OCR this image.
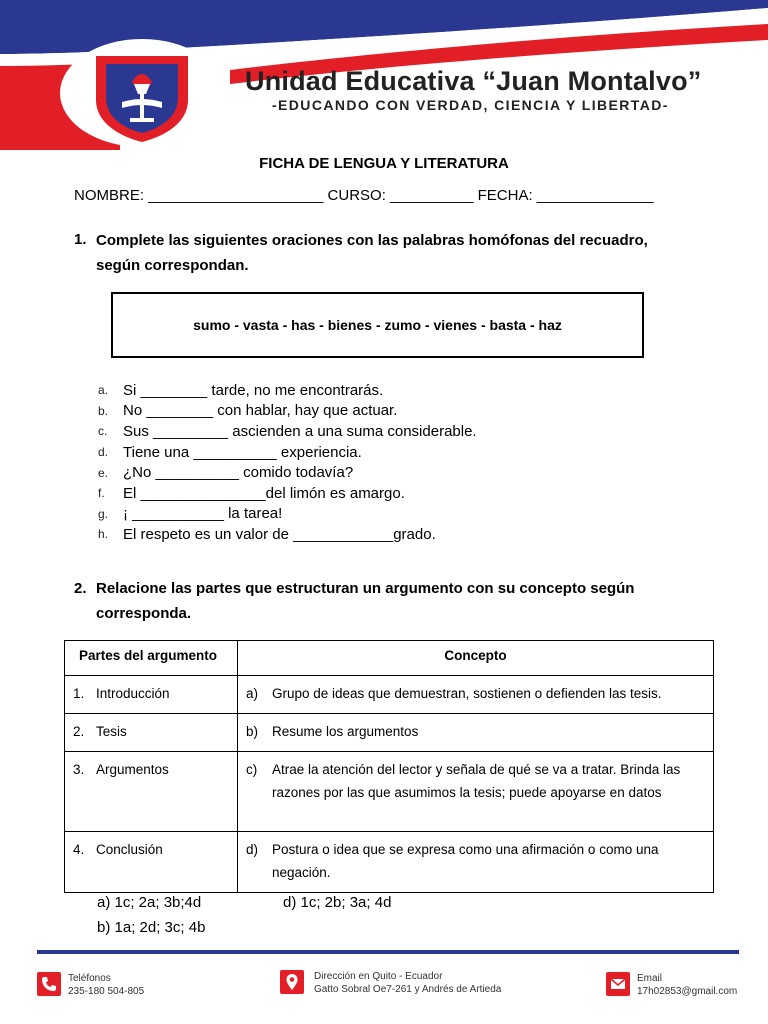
Unidad Educativa “Juan Montalvo”
-EDUCANDO CON VERDAD, CIENCIA Y LIBERTAD-
FICHA DE LENGUA Y LITERATURA
NOMBRE: _____________________ CURSO: __________ FECHA: ______________
1. Complete las siguientes oraciones con las palabras homófonas del recuadro, según correspondan.
sumo - vasta - has - bienes - zumo - vienes - basta - haz
a. Si ________ tarde, no me encontrarás.
b. No ________ con hablar, hay que actuar.
c.	Sus _________ ascienden a una suma considerable.
d. Tiene una __________ experiencia.
e. ¿No __________ comido todavía?
f.	El _______________del limón es amargo.
g. ¡ ___________ la tarea!
h. El respeto es un valor de ____________grado.
2. Relacione las partes que estructuran un argumento con su concepto según corresponda.
Partes del argumento	Concepto

1. Introducción	a) Grupo de ideas que demuestran, sostienen o defienden las tesis.

2. Tesis	b) Resume los argumentos

3. Argumentos	c) Atrae la atención del lector y señala de qué se va a tratar. Brinda las razones por las que asumimos la tesis; puede apoyarse en datos

4. Conclusión	d) Postura o idea que se expresa como una afirmación o como una negación.
a) 1c; 2a; 3b;4d	d) 1c; 2b; 3a; 4d
b) 1a; 2d; 3c; 4b
Teléfonos
235-180 504-805
Dirección en Quito - Ecuador
Gatto Sobral Oe7-261 y Andrés de Artieda
Email
17h02853@gmail.com
